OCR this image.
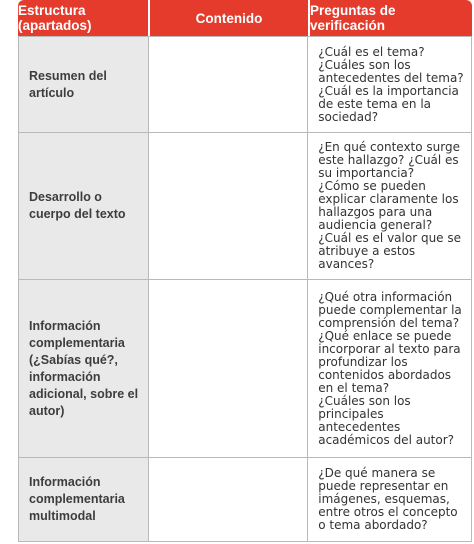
Estructura (apartados)	Contenido	Preguntas de verificación
Resumen del artículo		¿Cuál es el tema?
¿Cuáles son los antecedentes del tema?
¿Cuál es la importancia de este tema en la sociedad?

Desarrollo o cuerpo del texto		¿En qué contexto surge este hallazgo? ¿Cuál es su importancia?
¿Cómo se pueden explicar claramente los hallazgos para una audiencia general?
¿Cuál es el valor que se atribuye a estos avances?

Información complementaria (¿Sabías qué?, información adicional, sobre el autor)		¿Qué otra información puede complementar la comprensión del tema?
¿Qué enlace se puede incorporar al texto para profundizar los contenidos abordados en el tema?
¿Cuáles son los principales antecedentes académicos del autor?

Información complementaria multimodal		¿De qué manera se puede representar en imágenes, esquemas, entre otros el concepto o tema abordado?
